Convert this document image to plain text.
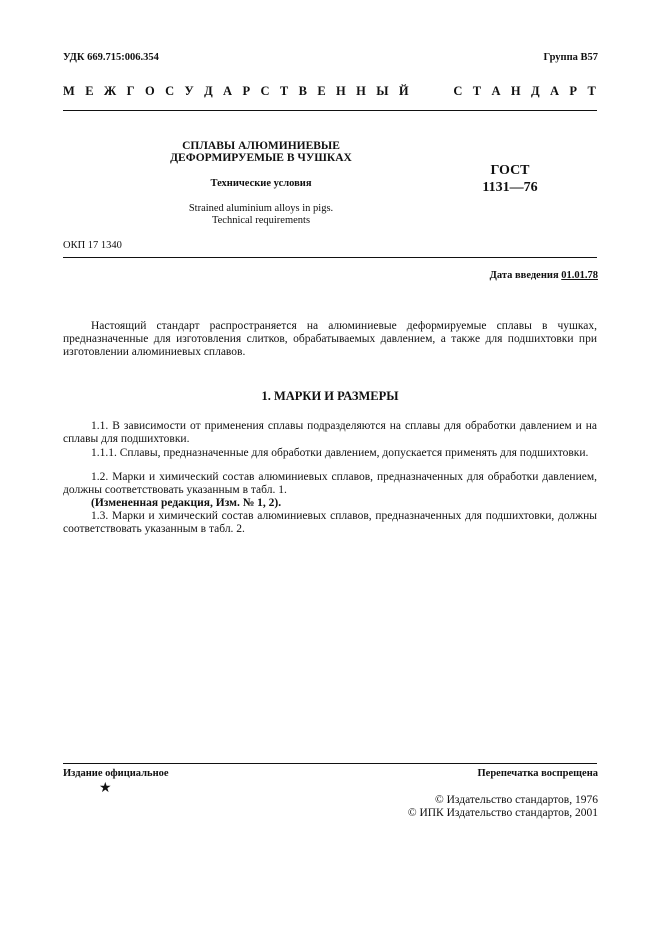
УДК 669.715:006.354	Группа В57
М Е Ж Г О С У Д А Р С Т В Е Н Н Ы Й	С Т А Н Д А Р Т
СПЛАВЫ АЛЮМИНИЕВЫЕ
ДЕФОРМИРУЕМЫЕ В ЧУШКАХ
Технические условия
Strained aluminium alloys in pigs.
Technical requirements
ГОСТ
1131—76
ОКП 17 1340
Дата введения 01.01.78
Настоящий стандарт распространяется на алюминиевые деформируемые сплавы в чушках, предназначенные для изготовления слитков, обрабатываемых давлением, а также для подшихтовки при изготовлении алюминиевых сплавов.
1. МАРКИ И РАЗМЕРЫ
1.1. В зависимости от применения сплавы подразделяются на сплавы для обработки давлением и на сплавы для подшихтовки.
1.1.1. Сплавы, предназначенные для обработки давлением, допускается применять для подшихтовки.
1.2. Марки и химический состав алюминиевых сплавов, предназначенных для обработки давлением, должны соответствовать указанным в табл. 1.
(Измененная редакция, Изм. № 1, 2).
1.3. Марки и химический состав алюминиевых сплавов, предназначенных для подшихтовки, должны соответствовать указанным в табл. 2.
Издание официальное
★
Перепечатка воспрещена
© Издательство стандартов, 1976
© ИПК Издательство стандартов, 2001
